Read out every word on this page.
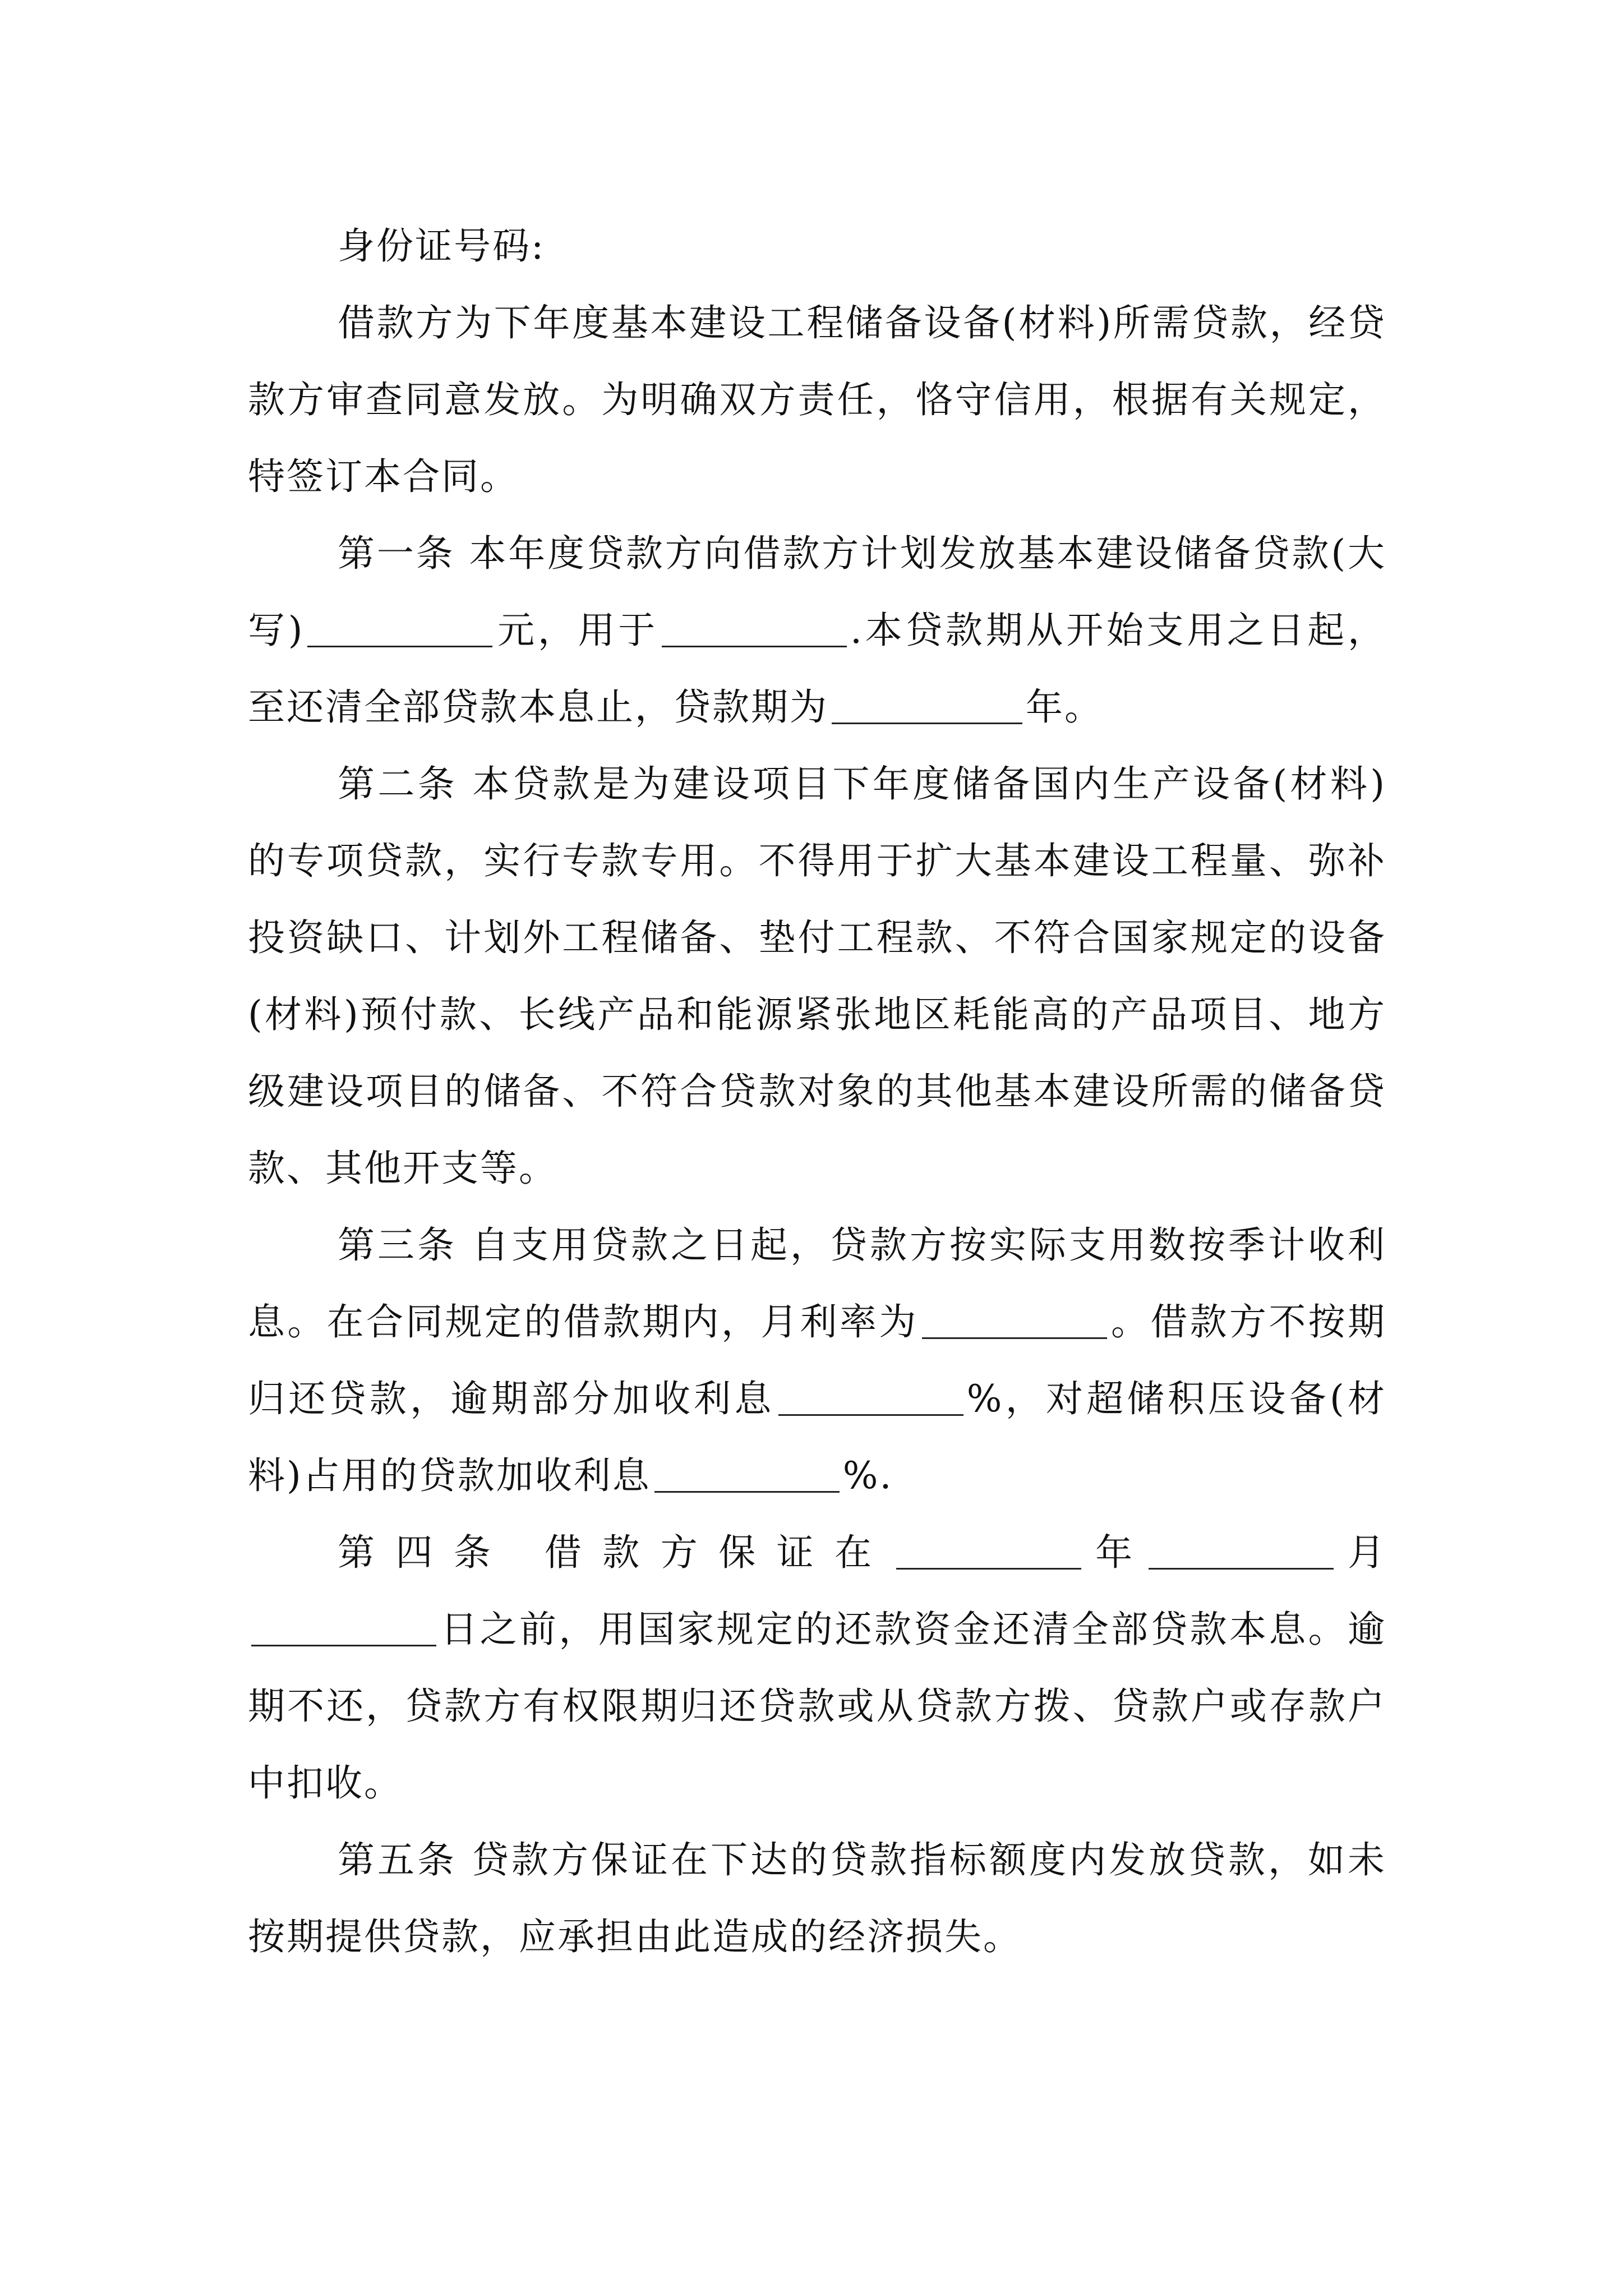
身份证号码:

借款方为下年度基本建设工程储备设备(材料)所需贷款，经贷款方审查同意发放。为明确双方责任，恪守信用，根据有关规定，特签订本合同。

第一条 本年度贷款方向借款方计划发放基本建设储备贷款(大写)	元，用于	.本贷款期从开始支用之日起，至还清全部贷款本息止，贷款期为	年。

第二条 本贷款是为建设项目下年度储备国内生产设备(材料)的专项贷款，实行专款专用。不得用于扩大基本建设工程量、弥补投资缺口、计划外工程储备、垫付工程款、不符合国家规定的设备(材料)预付款、长线产品和能源紧张地区耗能高的产品项目、地方级建设项目的储备、不符合贷款对象的其他基本建设所需的储备贷款、其他开支等。

第三条 自支用贷款之日起，贷款方按实际支用数按季计收利息。在合同规定的借款期内，月利率为	。借款方不按期归还贷款，逾期部分加收利息	%，对超储积压设备(材料)占用的贷款加收利息	%.

第四条 借款方保证在	年	月日之前，用国家规定的还款资金还清全部贷款本息。逾期不还，贷款方有权限期归还贷款或从贷款方拨、贷款户或存款户中扣收。

第五条 贷款方保证在下达的贷款指标额度内发放贷款，如未按期提供贷款，应承担由此造成的经济损失。
